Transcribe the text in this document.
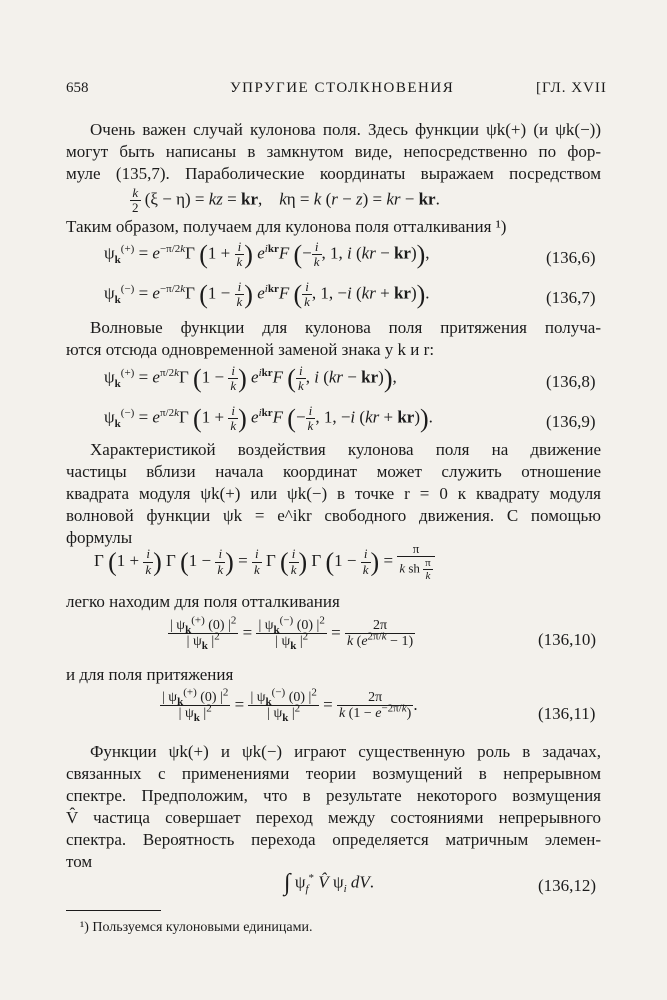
658	УПРУГИЕ СТОЛКНОВЕНИЯ	[ГЛ. XVII
Очень важен случай кулонова поля. Здесь функции ψk(+) (и ψk(−))
могут быть написаны в замкнутом виде, непосредственно по фор-
муле (135,7). Параболические координаты выражаем посредством
$\frac{k}{2} (\xi - \eta)$ = kz = kr,    kη = k (r − z) = kr − kr.
Таким образом, получаем для кулонова поля отталкивания ¹)
$\psi_k^{(+)} = e^{-\pi/2k}\Gamma$ ($1 + \frac{i}{k}$ ) $e^{ikr}F$ (− $\frac{i}{k}$ , 1, i (kr − kr)),	(136,6)
$\psi_k^{(-)} = e^{-\pi/2k}\Gamma$ ($1 - \frac{i}{k}$ ) $e^{ikr}F$ ( $\frac{i}{k}$ , 1, −i (kr + kr)).	(136,7)
Волновые функции для кулонова поля притяжения получа-
ются отсюда одновременной заменой знака у k и r:
$\psi_k^{(+)} = e^{\pi/2k}\Gamma$ ($1 - \frac{i}{k}$ ) $e^{ikr}F$ ( $\frac{i}{k}$ , i (kr − kr)),	(136,8)
$\psi_k^{(-)} = e^{\pi/2k}\Gamma$ ($1 + \frac{i}{k}$ ) $e^{ikr}F$ (− $\frac{i}{k}$ , 1, −i (kr + kr)).	(136,9)
Характеристикой воздействия кулонова поля на движение
частицы вблизи начала координат может служить отношение
квадрата модуля ψk(+) или ψk(−) в точке r = 0 к квадрату модуля
волновой функции ψk = e^ikr свободного движения. С помощью
формулы
Γ ($1 + \frac{i}{k}$ ) Γ ($1 - \frac{i}{k}$ ) = $\frac{i}{k}$ Γ ( $\frac{i}{k}$ ) Γ ($1 - \frac{i}{k}$ ) = $\frac{\pi}{k sh \frac{\pi}{k}}$
легко находим для поля отталкивания
$\frac{| \psi_k^{(+)} (0) |^2}{| \psi_k |^2} = \frac{| \psi_k^{(-)} (0) |^2}{| \psi_k |^2} = \frac{2\pi}{k (e^{2\pi/k} - 1)}$	(136,10)
и для поля притяжения
$\frac{| \psi_k^{(+)} (0) |^2}{| \psi_k |^2} = \frac{| \psi_k^{(-)} (0) |^2}{| \psi_k |^2} = \frac{2\pi}{k (1 - e^{-2\pi/k})}$ .	(136,11)
Функции ψk(+) и ψk(−) играют существенную роль в задачах,
связанных с применениями теории возмущений в непрерывном
спектре. Предположим, что в результате некоторого возмущения
V̂ частица совершает переход между состояниями непрерывного
спектра. Вероятность перехода определяется матричным элемен-
том
∫ $\psi_f^*$ V̂ $\psi_i$ dV.	(136,12)
¹) Пользуемся кулоновыми единицами.
